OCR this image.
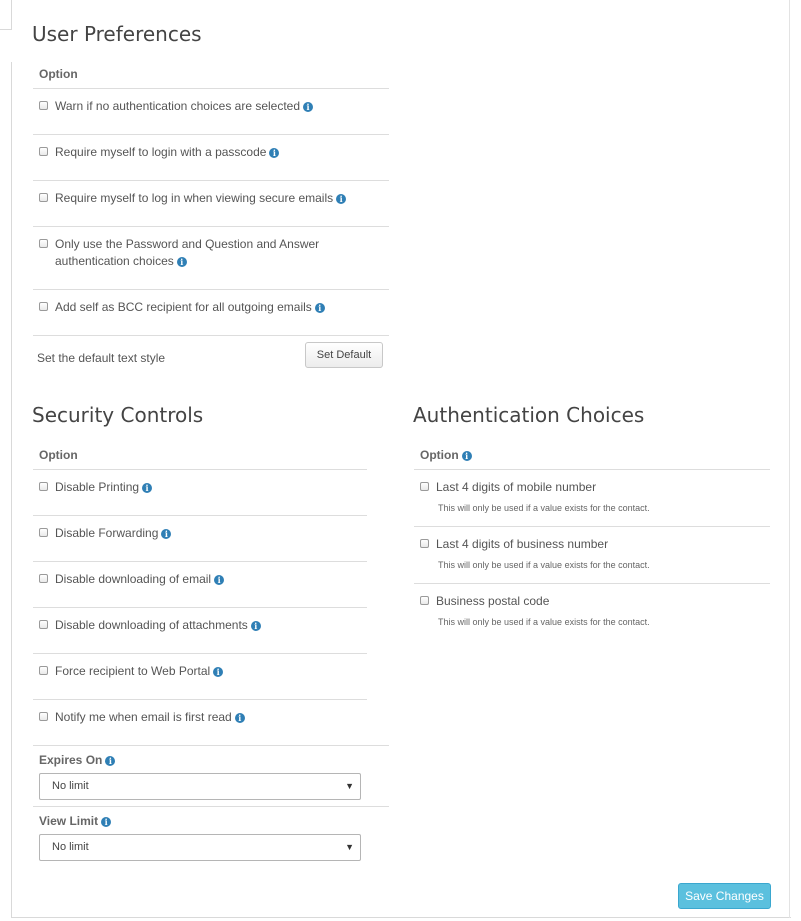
User Preferences
Option
Warn if no authentication choices are selected i
Require myself to login with a passcode i
Require myself to log in when viewing secure emails i
Only use the Password and Question and Answer
authentication choices i
Add self as BCC recipient for all outgoing emails i
Set the default text style	Set Default
Security Controls
Option
Disable Printing i
Disable Forwarding i
Disable downloading of email i
Disable downloading of attachments i
Force recipient to Web Portal i
Notify me when email is first read i
Expires On i
No limit	▼
View Limit i
No limit	▼
Authentication Choices
Option i
Last 4 digits of mobile number
This will only be used if a value exists for the contact.
Last 4 digits of business number
This will only be used if a value exists for the contact.
Business postal code
This will only be used if a value exists for the contact.
Save Changes
